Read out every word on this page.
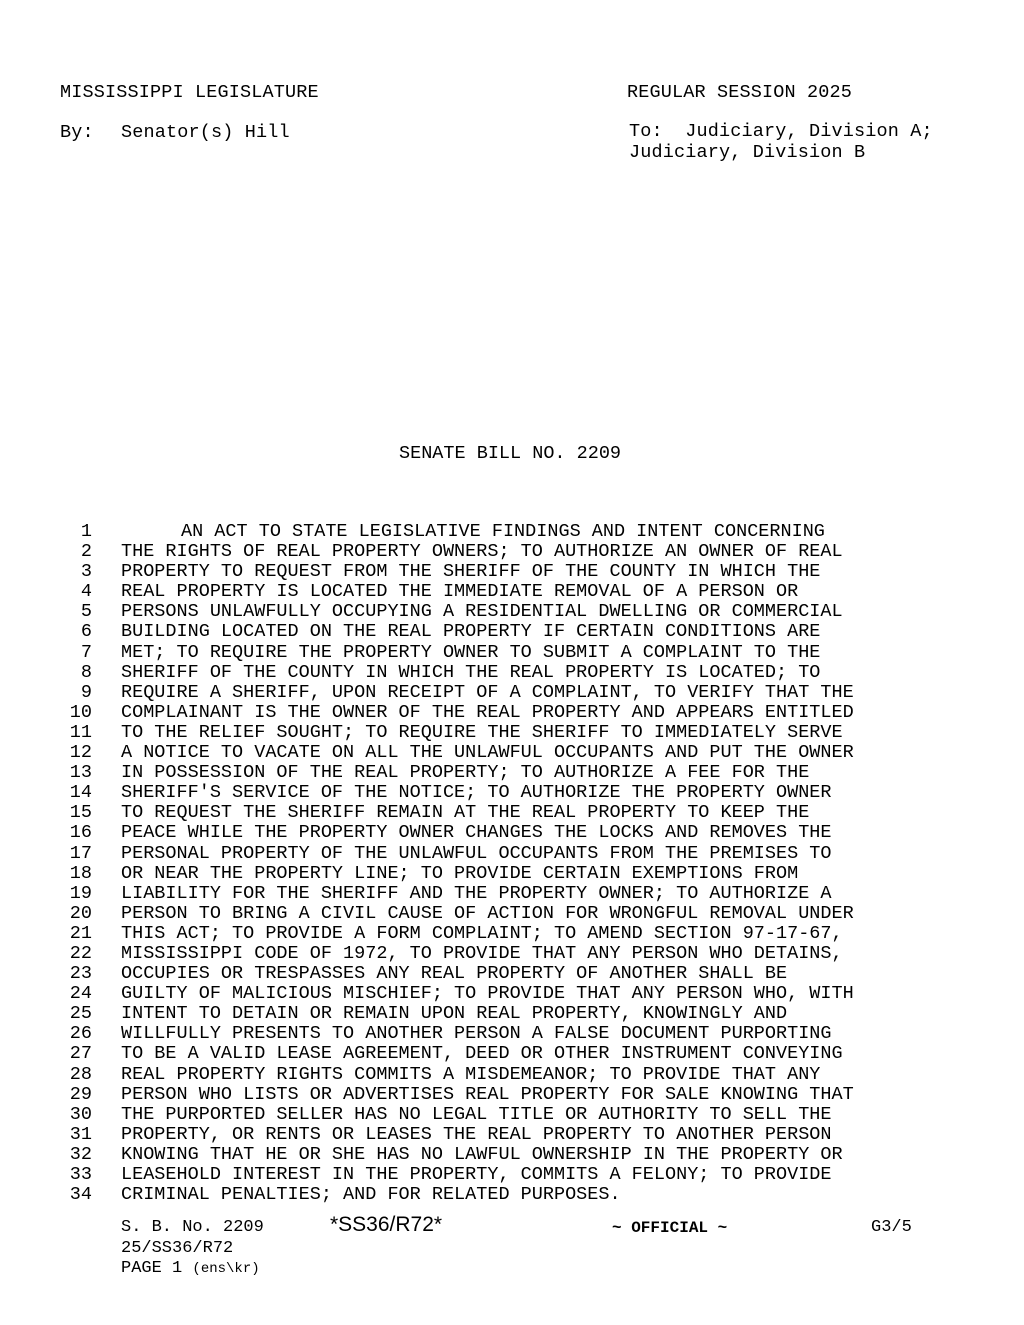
MISSISSIPPI LEGISLATURE	REGULAR SESSION 2025
By: Senator(s) Hill	To:  Judiciary, Division A;
Judiciary, Division B
SENATE BILL NO. 2209
1	AN ACT TO STATE LEGISLATIVE FINDINGS AND INTENT CONCERNING
2 THE RIGHTS OF REAL PROPERTY OWNERS; TO AUTHORIZE AN OWNER OF REAL
3 PROPERTY TO REQUEST FROM THE SHERIFF OF THE COUNTY IN WHICH THE
4 REAL PROPERTY IS LOCATED THE IMMEDIATE REMOVAL OF A PERSON OR
5 PERSONS UNLAWFULLY OCCUPYING A RESIDENTIAL DWELLING OR COMMERCIAL
6 BUILDING LOCATED ON THE REAL PROPERTY IF CERTAIN CONDITIONS ARE
7 MET; TO REQUIRE THE PROPERTY OWNER TO SUBMIT A COMPLAINT TO THE
8 SHERIFF OF THE COUNTY IN WHICH THE REAL PROPERTY IS LOCATED; TO
9 REQUIRE A SHERIFF, UPON RECEIPT OF A COMPLAINT, TO VERIFY THAT THE
10 COMPLAINANT IS THE OWNER OF THE REAL PROPERTY AND APPEARS ENTITLED
11 TO THE RELIEF SOUGHT; TO REQUIRE THE SHERIFF TO IMMEDIATELY SERVE
12 A NOTICE TO VACATE ON ALL THE UNLAWFUL OCCUPANTS AND PUT THE OWNER
13 IN POSSESSION OF THE REAL PROPERTY; TO AUTHORIZE A FEE FOR THE
14 SHERIFF'S SERVICE OF THE NOTICE; TO AUTHORIZE THE PROPERTY OWNER
15 TO REQUEST THE SHERIFF REMAIN AT THE REAL PROPERTY TO KEEP THE
16 PEACE WHILE THE PROPERTY OWNER CHANGES THE LOCKS AND REMOVES THE
17 PERSONAL PROPERTY OF THE UNLAWFUL OCCUPANTS FROM THE PREMISES TO
18 OR NEAR THE PROPERTY LINE; TO PROVIDE CERTAIN EXEMPTIONS FROM
19 LIABILITY FOR THE SHERIFF AND THE PROPERTY OWNER; TO AUTHORIZE A
20 PERSON TO BRING A CIVIL CAUSE OF ACTION FOR WRONGFUL REMOVAL UNDER
21 THIS ACT; TO PROVIDE A FORM COMPLAINT; TO AMEND SECTION 97-17-67,
22 MISSISSIPPI CODE OF 1972, TO PROVIDE THAT ANY PERSON WHO DETAINS,
23 OCCUPIES OR TRESPASSES ANY REAL PROPERTY OF ANOTHER SHALL BE
24 GUILTY OF MALICIOUS MISCHIEF; TO PROVIDE THAT ANY PERSON WHO, WITH
25 INTENT TO DETAIN OR REMAIN UPON REAL PROPERTY, KNOWINGLY AND
26 WILLFULLY PRESENTS TO ANOTHER PERSON A FALSE DOCUMENT PURPORTING
27 TO BE A VALID LEASE AGREEMENT, DEED OR OTHER INSTRUMENT CONVEYING
28 REAL PROPERTY RIGHTS COMMITS A MISDEMEANOR; TO PROVIDE THAT ANY
29 PERSON WHO LISTS OR ADVERTISES REAL PROPERTY FOR SALE KNOWING THAT
30 THE PURPORTED SELLER HAS NO LEGAL TITLE OR AUTHORITY TO SELL THE
31 PROPERTY, OR RENTS OR LEASES THE REAL PROPERTY TO ANOTHER PERSON
32 KNOWING THAT HE OR SHE HAS NO LAWFUL OWNERSHIP IN THE PROPERTY OR
33 LEASEHOLD INTEREST IN THE PROPERTY, COMMITS A FELONY; TO PROVIDE
34 CRIMINAL PENALTIES; AND FOR RELATED PURPOSES.
S. B. No. 2209	*SS36/R72*	~ OFFICIAL ~	G3/5
25/SS36/R72
PAGE 1 (ens\kr)
